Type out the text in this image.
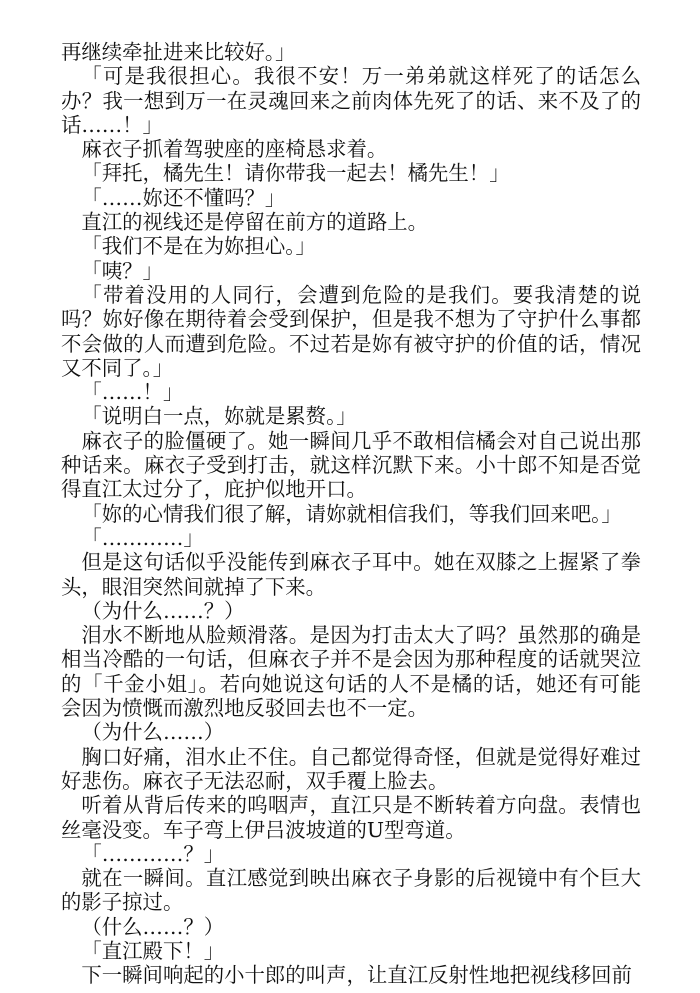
再继续牵扯进来比较好。」

「可是我很担心。我很不安！万一弟弟就这样死了的话怎么办？我一想到万一在灵魂回来之前肉体先死了的话、来不及了的话……！」

麻衣子抓着驾驶座的座椅恳求着。

「拜托，橘先生！请你带我一起去！橘先生！」

「……妳还不懂吗？」

直江的视线还是停留在前方的道路上。

「我们不是在为妳担心。」

「咦？」

「带着没用的人同行，会遭到危险的是我们。要我清楚的说吗？妳好像在期待着会受到保护，但是我不想为了守护什么事都不会做的人而遭到危险。不过若是妳有被守护的价值的话，情况又不同了。」

「……！」

「说明白一点，妳就是累赘。」

麻衣子的脸僵硬了。她一瞬间几乎不敢相信橘会对自己说出那种话来。麻衣子受到打击，就这样沉默下来。小十郎不知是否觉得直江太过分了，庇护似地开口。

「妳的心情我们很了解，请妳就相信我们，等我们回来吧。」

「…………」

但是这句话似乎没能传到麻衣子耳中。她在双膝之上握紧了拳头，眼泪突然间就掉了下来。

（为什么……？）

泪水不断地从脸颊滑落。是因为打击太大了吗？虽然那的确是相当冷酷的一句话，但麻衣子并不是会因为那种程度的话就哭泣的「千金小姐」。若向她说这句话的人不是橘的话，她还有可能会因为愤慨而激烈地反驳回去也不一定。

（为什么……）

胸口好痛，泪水止不住。自己都觉得奇怪，但就是觉得好难过好悲伤。麻衣子无法忍耐，双手覆上脸去。

听着从背后传来的呜咽声，直江只是不断转着方向盘。表情也丝毫没变。车子弯上伊吕波坡道的U型弯道。

「…………？」

就在一瞬间。直江感觉到映出麻衣子身影的后视镜中有个巨大的影子掠过。

（什么……？）

「直江殿下！」

下一瞬间响起的小十郎的叫声，让直江反射性地把视线移回前
